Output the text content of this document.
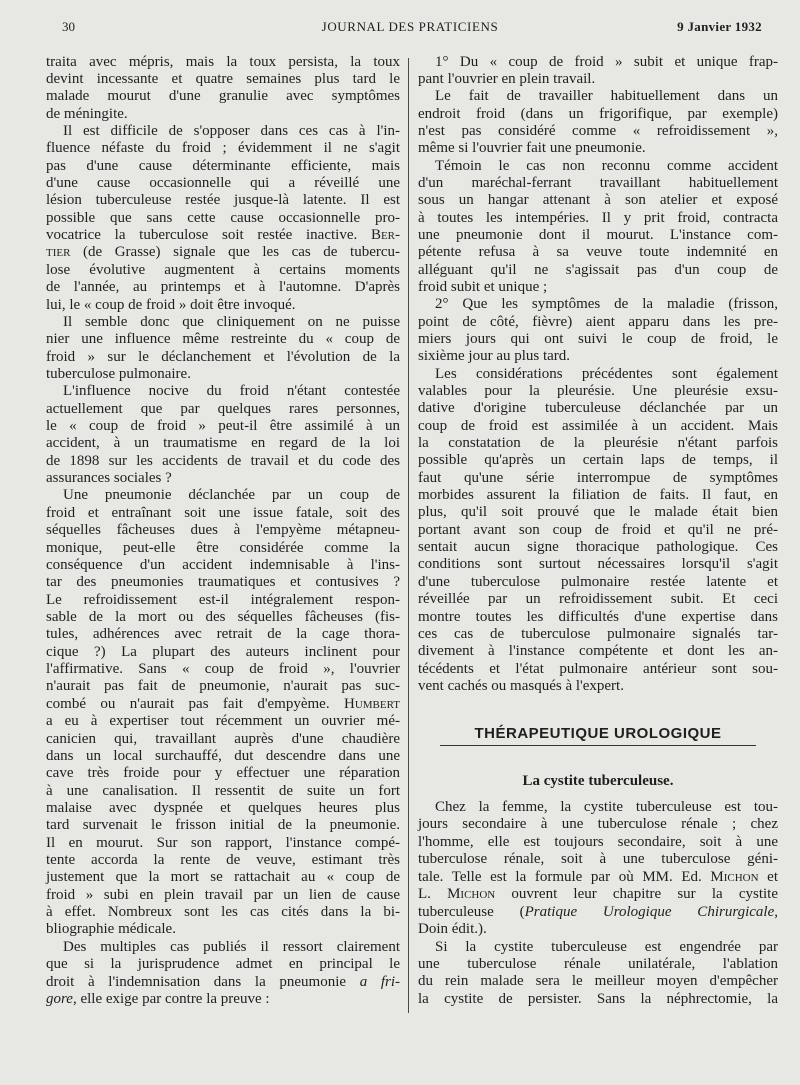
30	JOURNAL DES PRATICIENS	9 Janvier 1932
traita avec mépris, mais la toux persista, la toux
devint incessante et quatre semaines plus tard le
malade mourut d'une granulie avec symptômes
de méningite.
Il est difficile de s'opposer dans ces cas à l'in-
fluence néfaste du froid ; évidemment il ne s'agit
pas d'une cause déterminante efficiente, mais
d'une cause occasionnelle qui a réveillé une
lésion tuberculeuse restée jusque-là latente. Il est
possible que sans cette cause occasionnelle pro-
vocatrice la tuberculose soit restée inactive. Ber-
tier (de Grasse) signale que les cas de tubercu-
lose évolutive augmentent à certains moments
de l'année, au printemps et à l'automne. D'après
lui, le « coup de froid » doit être invoqué.
Il semble donc que cliniquement on ne puisse
nier une influence même restreinte du « coup de
froid » sur le déclanchement et l'évolution de la
tuberculose pulmonaire.
L'influence nocive du froid n'étant contestée
actuellement que par quelques rares personnes,
le « coup de froid » peut-il être assimilé à un
accident, à un traumatisme en regard de la loi
de 1898 sur les accidents de travail et du code des
assurances sociales ?
Une pneumonie déclanchée par un coup de
froid et entraînant soit une issue fatale, soit des
séquelles fâcheuses dues à l'empyème métapneu-
monique, peut-elle être considérée comme la
conséquence d'un accident indemnisable à l'ins-
tar des pneumonies traumatiques et contusives ?
Le refroidissement est-il intégralement respon-
sable de la mort ou des séquelles fâcheuses (fis-
tules, adhérences avec retrait de la cage thora-
cique ?) La plupart des auteurs inclinent pour
l'affirmative. Sans « coup de froid », l'ouvrier
n'aurait pas fait de pneumonie, n'aurait pas suc-
combé ou n'aurait pas fait d'empyème. Humbert
a eu à expertiser tout récemment un ouvrier mé-
canicien qui, travaillant auprès d'une chaudière
dans un local surchauffé, dut descendre dans une
cave très froide pour y effectuer une réparation
à une canalisation. Il ressentit de suite un fort
malaise avec dyspnée et quelques heures plus
tard survenait le frisson initial de la pneumonie.
Il en mourut. Sur son rapport, l'instance compé-
tente accorda la rente de veuve, estimant très
justement que la mort se rattachait au « coup de
froid » subi en plein travail par un lien de cause
à effet. Nombreux sont les cas cités dans la bi-
bliographie médicale.
Des multiples cas publiés il ressort clairement
que si la jurisprudence admet en principal le
droit à l'indemnisation dans la pneumonie a fri-
gore, elle exige par contre la preuve :
1° Du « coup de froid » subit et unique frap-
pant l'ouvrier en plein travail.
Le fait de travailler habituellement dans un
endroit froid (dans un frigorifique, par exemple)
n'est pas considéré comme « refroidissement »,
même si l'ouvrier fait une pneumonie.
Témoin le cas non reconnu comme accident
d'un maréchal-ferrant travaillant habituellement
sous un hangar attenant à son atelier et exposé
à toutes les intempéries. Il y prit froid, contracta
une pneumonie dont il mourut. L'instance com-
pétente refusa à sa veuve toute indemnité en
alléguant qu'il ne s'agissait pas d'un coup de
froid subit et unique ;
2° Que les symptômes de la maladie (frisson,
point de côté, fièvre) aient apparu dans les pre-
miers jours qui ont suivi le coup de froid, le
sixième jour au plus tard.
Les considérations précédentes sont également
valables pour la pleurésie. Une pleurésie exsu-
dative d'origine tuberculeuse déclanchée par un
coup de froid est assimilée à un accident. Mais
la constatation de la pleurésie n'étant parfois
possible qu'après un certain laps de temps, il
faut qu'une série interrompue de symptômes
morbides assurent la filiation de faits. Il faut, en
plus, qu'il soit prouvé que le malade était bien
portant avant son coup de froid et qu'il ne pré-
sentait aucun signe thoracique pathologique. Ces
conditions sont surtout nécessaires lorsqu'il s'agit
d'une tuberculose pulmonaire restée latente et
réveillée par un refroidissement subit. Et ceci
montre toutes les difficultés d'une expertise dans
ces cas de tuberculose pulmonaire signalés tar-
divement à l'instance compétente et dont les an-
técédents et l'état pulmonaire antérieur sont sou-
vent cachés ou masqués à l'expert.
THÉRAPEUTIQUE UROLOGIQUE
La cystite tuberculeuse.
Chez la femme, la cystite tuberculeuse est tou-
jours secondaire à une tuberculose rénale ; chez
l'homme, elle est toujours secondaire, soit à une
tuberculose rénale, soit à une tuberculose géni-
tale. Telle est la formule par où MM. Ed. Michon et
L. Michon ouvrent leur chapitre sur la cystite
tuberculeuse (Pratique Urologique Chirurgicale,
Doin édit.).
Si la cystite tuberculeuse est engendrée par
une tuberculose rénale unilatérale, l'ablation
du rein malade sera le meilleur moyen d'empêcher
la cystite de persister. Sans la néphrectomie, la
